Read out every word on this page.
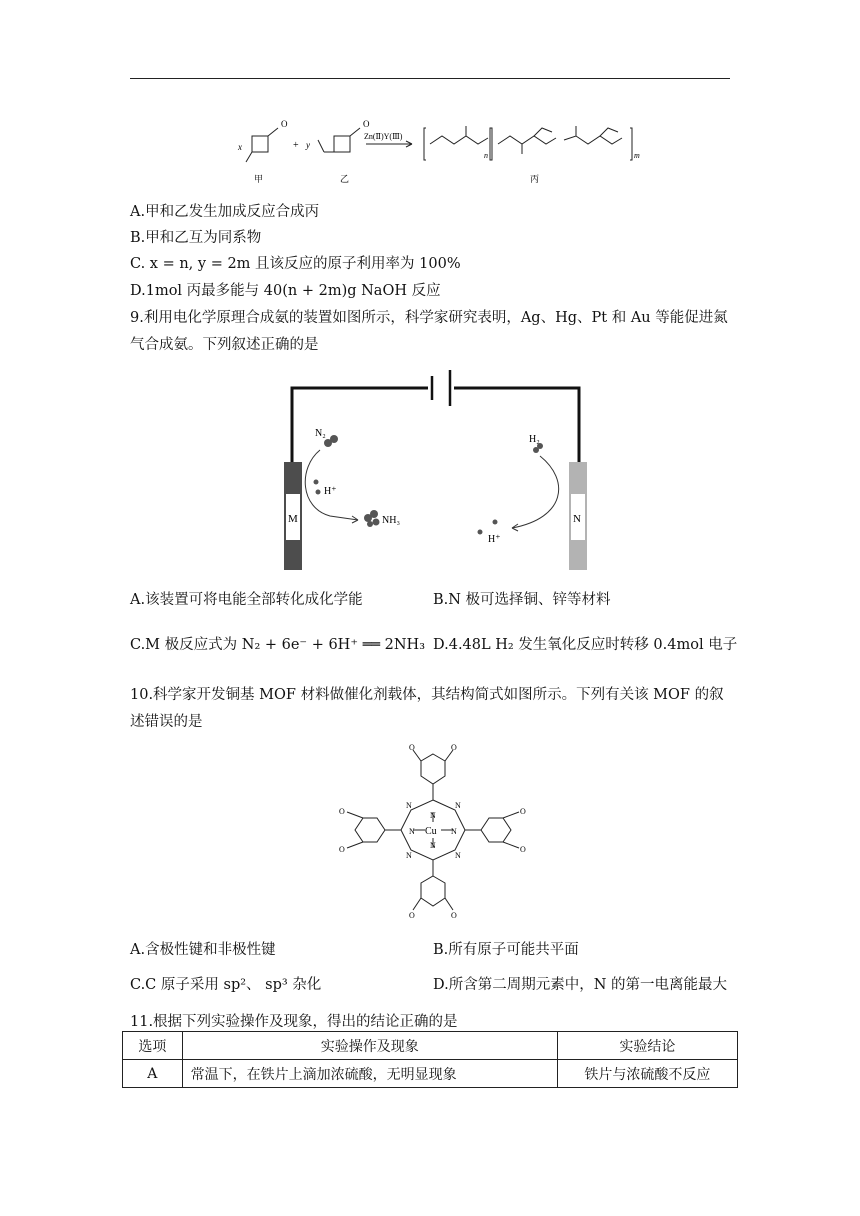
O	O
x	+ y
Zn(Ⅱ)Y(Ⅲ)
n	m
甲	乙	丙
A.甲和乙发生加成反应合成丙
B.甲和乙互为同系物
C. x = n, y = 2m 且该反应的原子利用率为 100%
D.1mol 丙最多能与 40(n + 2m)g NaOH 反应
9.利用电化学原理合成氨的装置如图所示，科学家研究表明，Ag、Hg、Pt 和 Au 等能促进氮
气合成氨。下列叙述正确的是
M	N
N₂
H⁺
NH₃
H₂
H⁺
A.该装置可将电能全部转化成化学能	B.N 极可选择铜、锌等材料
C.M 极反应式为 N₂ + 6e⁻ + 6H⁺ ══ 2NH₃ D.4.48L H₂ 发生氧化反应时转移 0.4mol 电子
10.科学家开发铜基 MOF 材料做催化剂载体，其结构简式如图所示。下列有关该 MOF 的叙
述错误的是
Cu
N	N
N
N
N	N
N	N
O	O
O	O
O
O
O
O
A.含极性键和非极性键	B.所有原子可能共平面
C.C 原子采用 sp²、 sp³ 杂化	D.所含第二周期元素中，N 的第一电离能最大
11.根据下列实验操作及现象，得出的结论正确的是
选项	实验操作及现象	实验结论
A	常温下，在铁片上滴加浓硫酸，无明显现象	铁片与浓硫酸不反应
